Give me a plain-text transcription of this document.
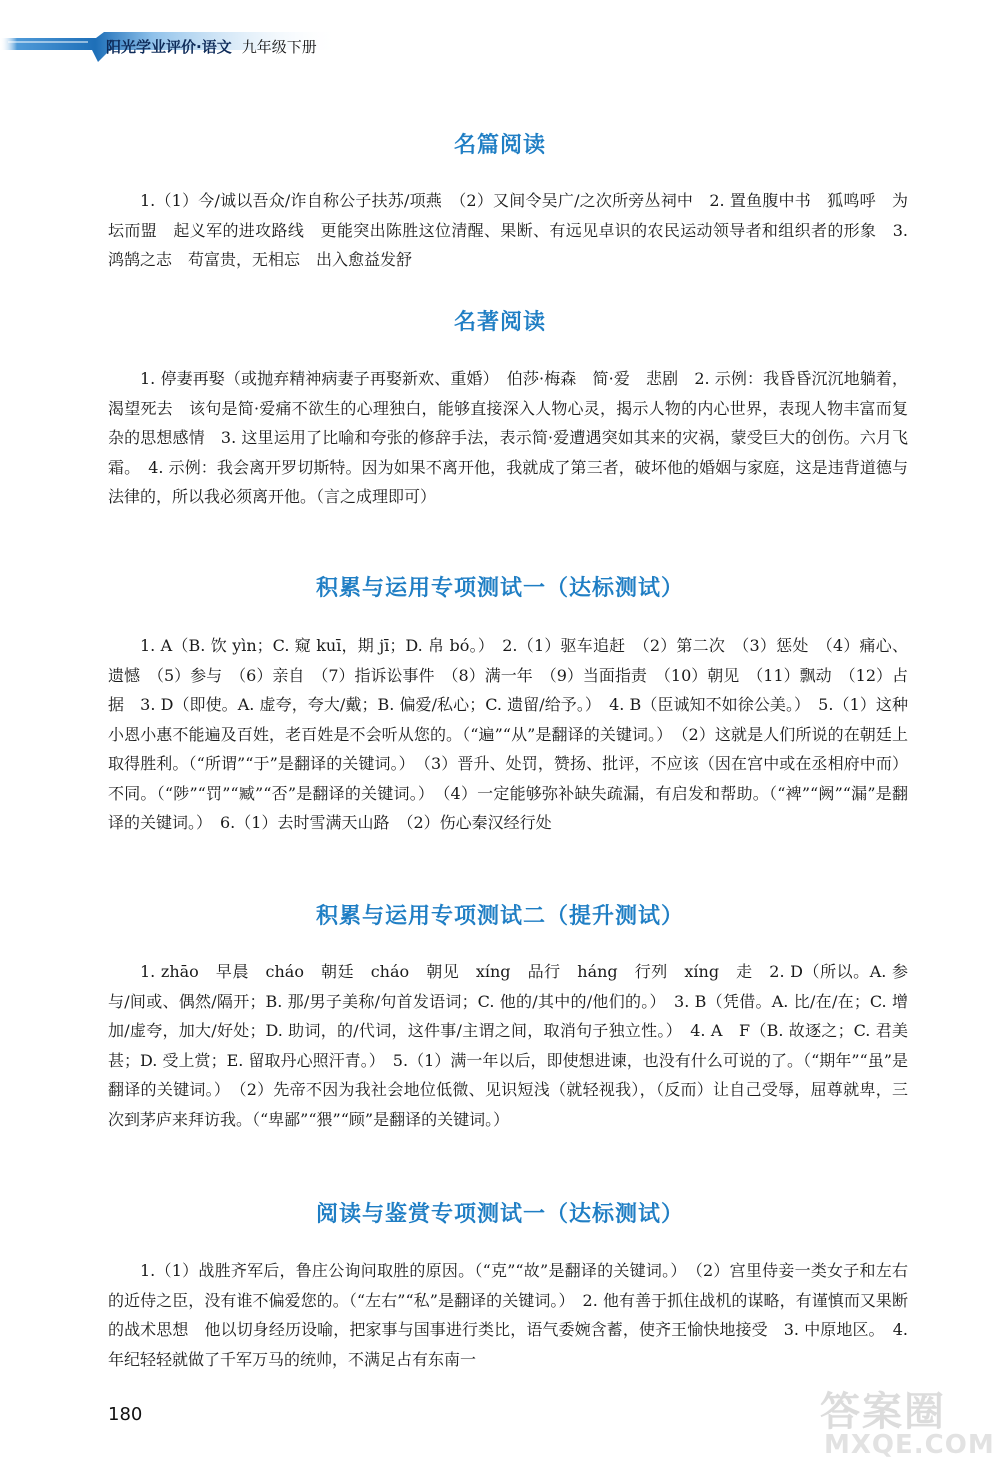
阳光学业评价·语文 九年级下册
名篇阅读
1.（1）今/诚以吾众/诈自称公子扶苏/项燕　（2）又间令吴广/之次所旁丛祠中　2. 置鱼腹中书　狐鸣呼　为坛而盟　起义军的进攻路线　更能突出陈胜这位清醒、果断、有远见卓识的农民运动领导者和组织者的形象　3. 鸿鹄之志　苟富贵，无相忘　出入愈益发舒
名著阅读
1. 停妻再娶（或抛弃精神病妻子再娶新欢、重婚）　伯莎·梅森　简·爱　悲剧　2. 示例：我昏昏沉沉地躺着，渴望死去　该句是简·爱痛不欲生的心理独白，能够直接深入人物心灵，揭示人物的内心世界，表现人物丰富而复杂的思想感情　3. 这里运用了比喻和夸张的修辞手法，表示简·爱遭遇突如其来的灾祸，蒙受巨大的创伤。六月飞霜。　4. 示例：我会离开罗切斯特。因为如果不离开他，我就成了第三者，破坏他的婚姻与家庭，这是违背道德与法律的，所以我必须离开他。（言之成理即可）
积累与运用专项测试一（达标测试）
1. A（B. 饮 yìn；C. 窥 kuī，期 jī；D. 帛 bó。）　2.（1）驱车追赶　（2）第二次　（3）惩处　（4）痛心、遗憾　（5）参与　（6）亲自　（7）指诉讼事件　（8）满一年　（9）当面指责　（10）朝见　（11）飘动　（12）占据　3. D（即使。A. 虚夸，夸大/戴；B. 偏爱/私心；C. 遗留/给予。）　4. B（臣诚知不如徐公美。）　5.（1）这种小恩小惠不能遍及百姓，老百姓是不会听从您的。（“遍”“从”是翻译的关键词。）　（2）这就是人们所说的在朝廷上取得胜利。（“所谓”“于”是翻译的关键词。）　（3）晋升、处罚，赞扬、批评，不应该（因在宫中或在丞相府中而）不同。（“陟”“罚”“臧”“否”是翻译的关键词。）　（4）一定能够弥补缺失疏漏，有启发和帮助。（“裨”“阙”“漏”是翻译的关键词。）　6.（1）去时雪满天山路　（2）伤心秦汉经行处
积累与运用专项测试二（提升测试）
1. zhāo　早晨　cháo　朝廷　cháo　朝见　xíng　品行　háng　行列　xíng　走　2. D（所以。A. 参与/间或、偶然/隔开；B. 那/男子美称/句首发语词；C. 他的/其中的/他们的。）　3. B（凭借。A. 比/在/在；C. 增加/虚夸，加大/好处；D. 助词，的/代词，这件事/主谓之间，取消句子独立性。）　4. A　F（B. 故逐之；C. 君美甚；D. 受上赏；E. 留取丹心照汗青。）　5.（1）满一年以后，即使想进谏，也没有什么可说的了。（“期年”“虽”是翻译的关键词。）　（2）先帝不因为我社会地位低微、见识短浅（就轻视我），（反而）让自己受辱，屈尊就卑，三次到茅庐来拜访我。（“卑鄙”“猥”“顾”是翻译的关键词。）
阅读与鉴赏专项测试一（达标测试）
1.（1）战胜齐军后，鲁庄公询问取胜的原因。（“克”“故”是翻译的关键词。）　（2）宫里侍妾一类女子和左右的近侍之臣，没有谁不偏爱您的。（“左右”“私”是翻译的关键词。）　2. 他有善于抓住战机的谋略，有谨慎而又果断的战术思想　他以切身经历设喻，把家事与国事进行类比，语气委婉含蓄，使齐王愉快地接受　3. 中原地区。　4. 年纪轻轻就做了千军万马的统帅，不满足占有东南一
180	答案圈
MXQE.COM
